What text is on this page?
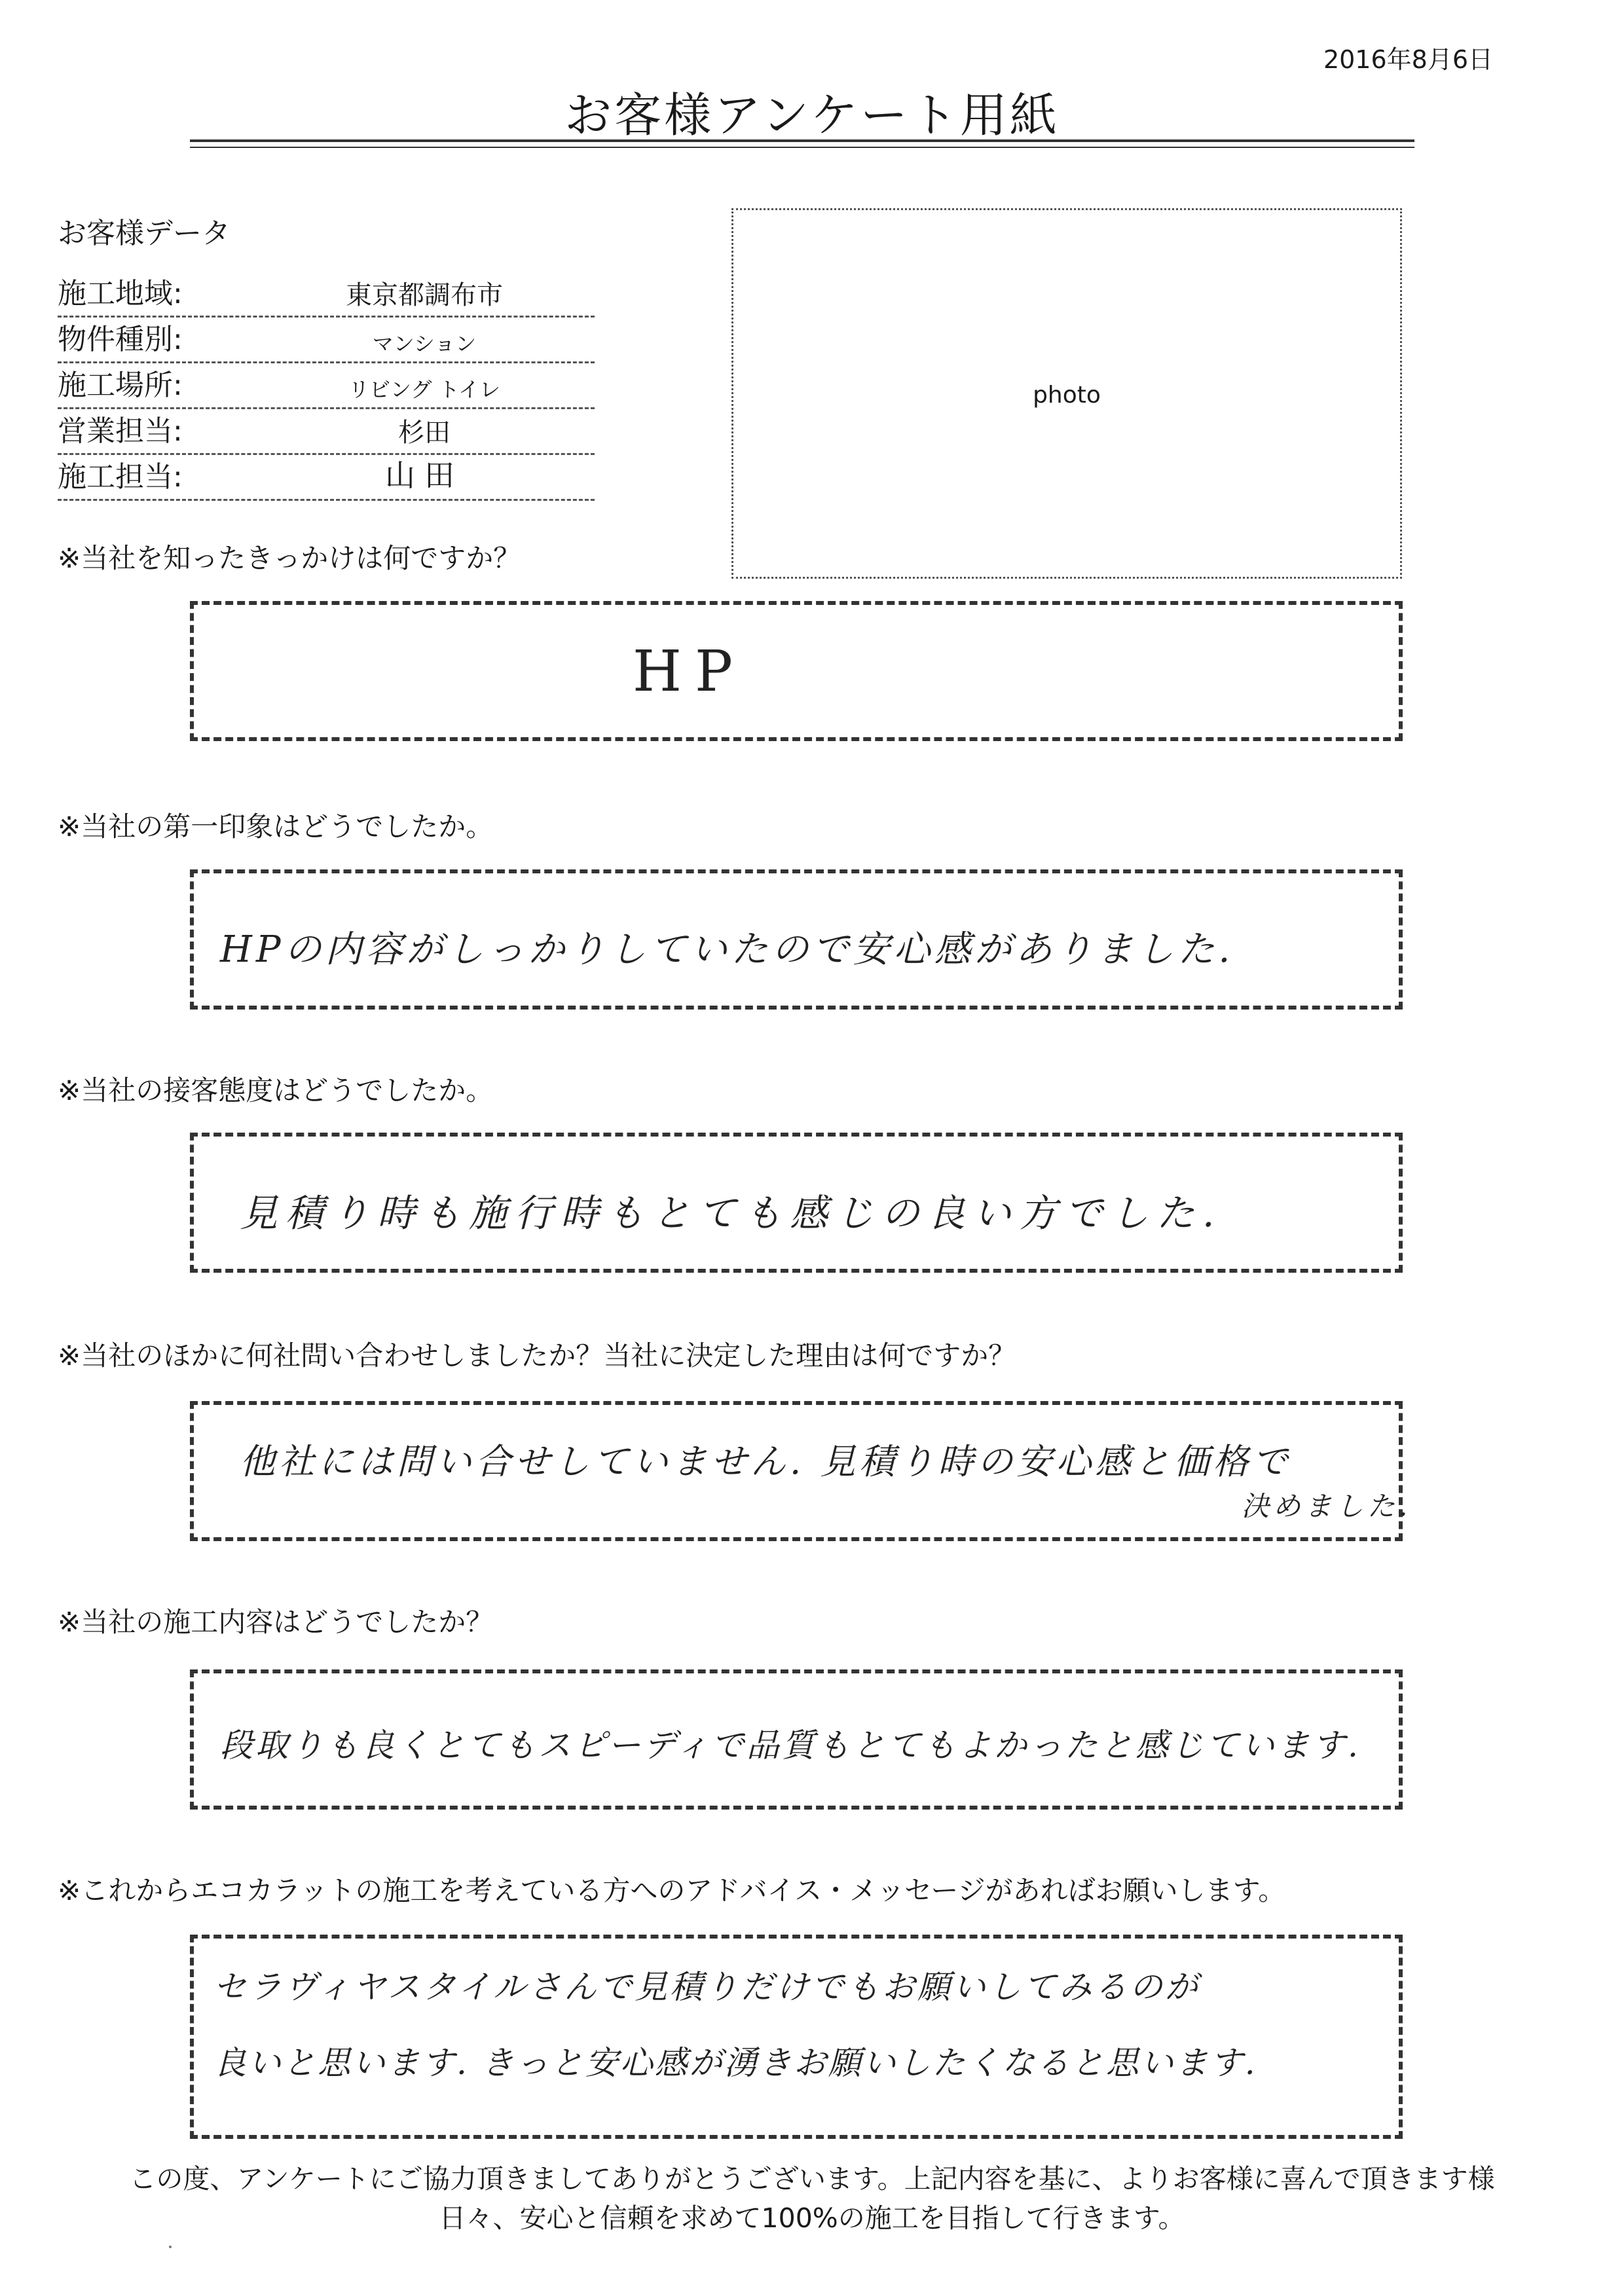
2016年8月6日
お客様アンケート用紙
お客様データ
施工地域:	東京都調布市
物件種別:	マンション
施工場所:	リビング トイレ
営業担当:	杉田
施工担当:	山田
photo
※当社を知ったきっかけは何ですか？
HP
※当社の第一印象はどうでしたか。
HPの内容がしっかりしていたので安心感がありました.
※当社の接客態度はどうでしたか。
見積り時も施行時もとても感じの良い方でした.
※当社のほかに何社問い合わせしましたか？当社に決定した理由は何ですか？
他社には問い合せしていません. 見積り時の安心感と価格で
決めました.
※当社の施工内容はどうでしたか？
段取りも良くとてもスピーディで品質もとてもよかったと感じています.
※これからエコカラットの施工を考えている方へのアドバイス・メッセージがあればお願いします。
セラヴィヤスタイルさんで見積りだけでもお願いしてみるのが
良いと思います. きっと安心感が湧きお願いしたくなると思います.
この度、アンケートにご協力頂きましてありがとうございます。上記内容を基に、よりお客様に喜んで頂きます様
日々、安心と信頼を求めて100%の施工を目指して行きます。
